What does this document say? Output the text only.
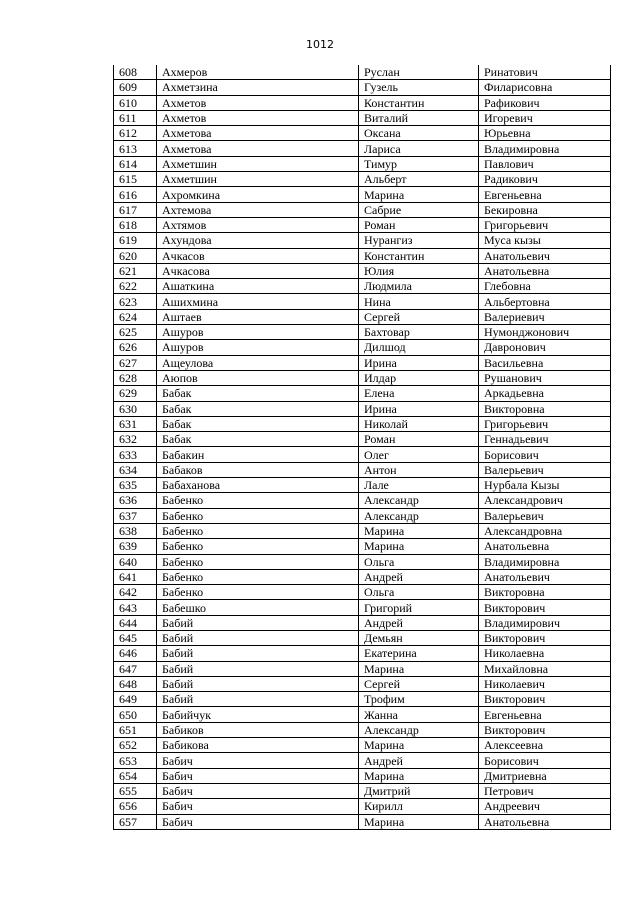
1012
608	Ахмеров	Руслан	Ринатович
609	Ахметзина	Гузель	Филарисовна
610	Ахметов	Константин	Рафикович
611	Ахметов	Виталий	Игоревич
612	Ахметова	Оксана	Юрьевна
613	Ахметова	Лариса	Владимировна
614	Ахметшин	Тимур	Павлович
615	Ахметшин	Альберт	Радикович
616	Ахромкина	Марина	Евгеньевна
617	Ахтемова	Сабрие	Бекировна
618	Ахтямов	Роман	Григорьевич
619	Ахундова	Нурангиз	Муса кызы
620	Ачкасов	Константин	Анатольевич
621	Ачкасова	Юлия	Анатольевна
622	Ашаткина	Людмила	Глебовна
623	Ашихмина	Нина	Альбертовна
624	Аштаев	Сергей	Валериевич
625	Ашуров	Бахтовар	Нумонджонович
626	Ашуров	Дилшод	Давронович
627	Ащеулова	Ирина	Васильевна
628	Аюпов	Илдар	Рушанович
629	Бабак	Елена	Аркадьевна
630	Бабак	Ирина	Викторовна
631	Бабак	Николай	Григорьевич
632	Бабак	Роман	Геннадьевич
633	Бабакин	Олег	Борисович
634	Бабаков	Антон	Валерьевич
635	Бабаханова	Лале	Нурбала Кызы
636	Бабенко	Александр	Александрович
637	Бабенко	Александр	Валерьевич
638	Бабенко	Марина	Александровна
639	Бабенко	Марина	Анатольевна
640	Бабенко	Ольга	Владимировна
641	Бабенко	Андрей	Анатольевич
642	Бабенко	Ольга	Викторовна
643	Бабешко	Григорий	Викторович
644	Бабий	Андрей	Владимирович
645	Бабий	Демьян	Викторович
646	Бабий	Екатерина	Николаевна
647	Бабий	Марина	Михайловна
648	Бабий	Сергей	Николаевич
649	Бабий	Трофим	Викторович
650	Бабийчук	Жанна	Евгеньевна
651	Бабиков	Александр	Викторович
652	Бабикова	Марина	Алексеевна
653	Бабич	Андрей	Борисович
654	Бабич	Марина	Дмитриевна
655	Бабич	Дмитрий	Петрович
656	Бабич	Кирилл	Андреевич
657	Бабич	Марина	Анатольевна
